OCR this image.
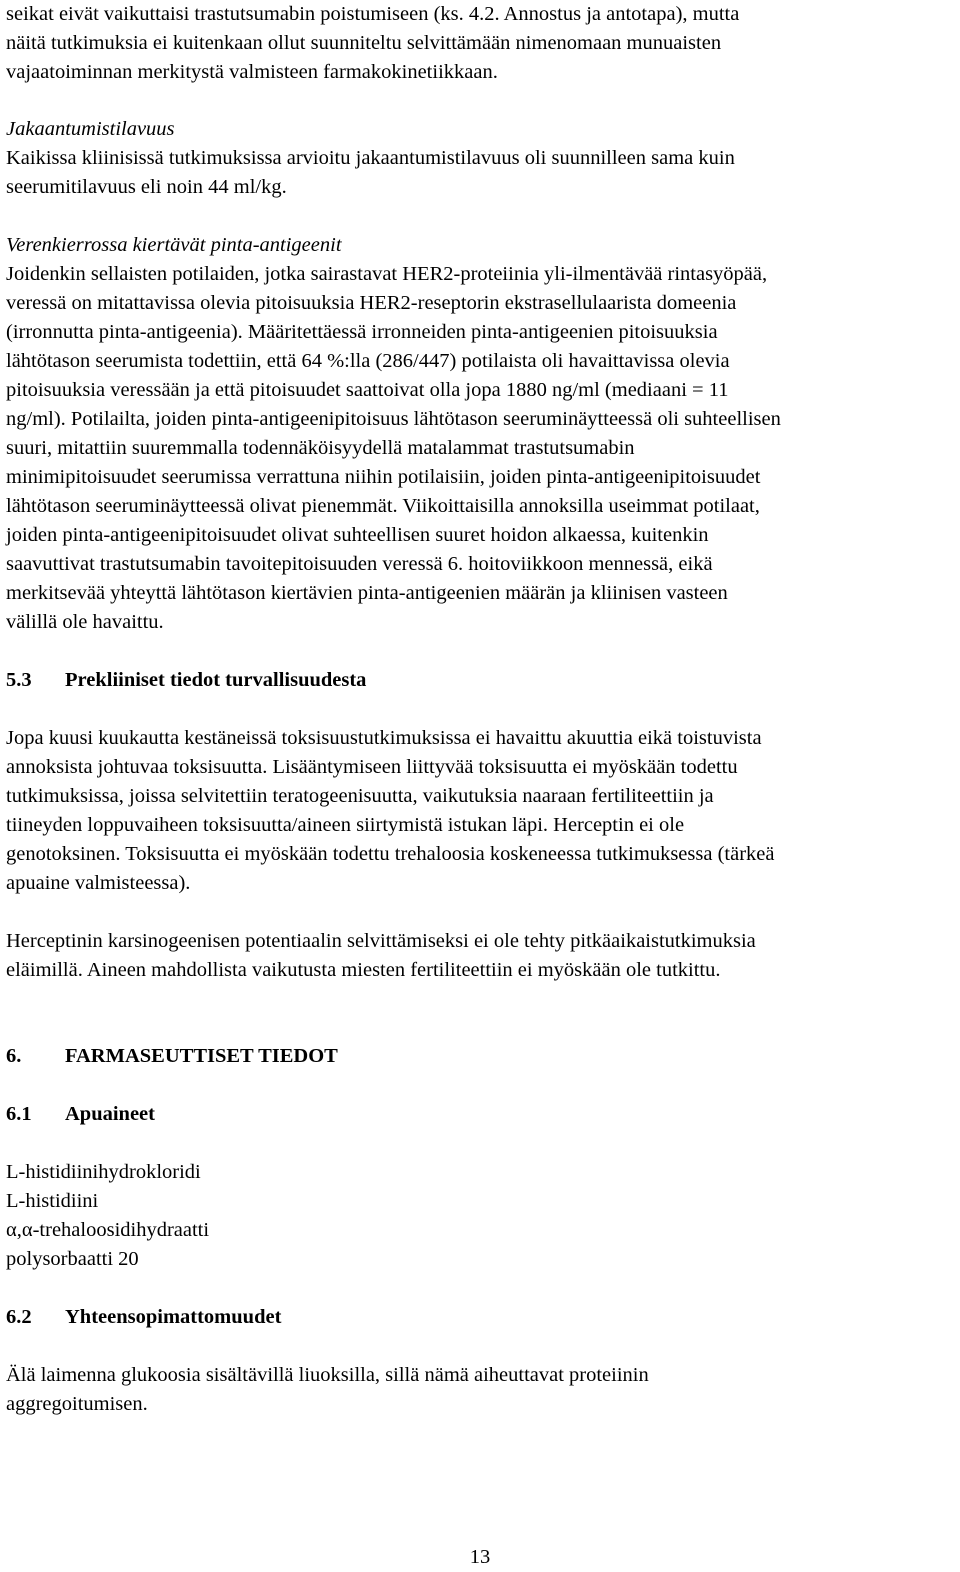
seikat eivät vaikuttaisi trastutsumabin poistumiseen (ks. 4.2. Annostus ja antotapa), mutta

näitä tutkimuksia ei kuitenkaan ollut suunniteltu selvittämään nimenomaan munuaisten

vajaatoiminnan merkitystä valmisteen farmakokinetiikkaan.

Jakaantumistilavuus

Kaikissa kliinisissä tutkimuksissa arvioitu jakaantumistilavuus oli suunnilleen sama kuin

seerumitilavuus eli noin 44 ml/kg.

Verenkierrossa kiertävät pinta-antigeenit

Joidenkin sellaisten potilaiden, jotka sairastavat HER2-proteiinia yli-ilmentävää rintasyöpää,

veressä on mitattavissa olevia pitoisuuksia HER2-reseptorin ekstrasellulaarista domeenia

(irronnutta pinta-antigeenia). Määritettäessä irronneiden pinta-antigeenien pitoisuuksia

lähtötason seerumista todettiin, että 64 %:lla (286/447) potilaista oli havaittavissa olevia

pitoisuuksia veressään ja että pitoisuudet saattoivat olla jopa 1880 ng/ml (mediaani = 11

ng/ml). Potilailta, joiden pinta-antigeenipitoisuus lähtötason seeruminäytteessä oli suhteellisen

suuri, mitattiin suuremmalla todennäköisyydellä matalammat trastutsumabin

minimipitoisuudet seerumissa verrattuna niihin potilaisiin, joiden pinta-antigeenipitoisuudet

lähtötason seeruminäytteessä olivat pienemmät. Viikoittaisilla annoksilla useimmat potilaat,

joiden pinta-antigeenipitoisuudet olivat suhteellisen suuret hoidon alkaessa, kuitenkin

saavuttivat trastutsumabin tavoitepitoisuuden veressä 6. hoitoviikkoon mennessä, eikä

merkitsevää yhteyttä lähtötason kiertävien pinta-antigeenien määrän ja kliinisen vasteen

välillä ole havaittu.

5.3 Prekliiniset tiedot turvallisuudesta

Jopa kuusi kuukautta kestäneissä toksisuustutkimuksissa ei havaittu akuuttia eikä toistuvista

annoksista johtuvaa toksisuutta. Lisääntymiseen liittyvää toksisuutta ei myöskään todettu

tutkimuksissa, joissa selvitettiin teratogeenisuutta, vaikutuksia naaraan fertiliteettiin ja

tiineyden loppuvaiheen toksisuutta/aineen siirtymistä istukan läpi. Herceptin ei ole

genotoksinen. Toksisuutta ei myöskään todettu trehaloosia koskeneessa tutkimuksessa (tärkeä

apuaine valmisteessa).

Herceptinin karsinogeenisen potentiaalin selvittämiseksi ei ole tehty pitkäaikaistutkimuksia

eläimillä. Aineen mahdollista vaikutusta miesten fertiliteettiin ei myöskään ole tutkittu.

6. FARMASEUTTISET TIEDOT
6.1 Apuaineet
L-histidiinihydrokloridi
L-histidiini
α,α-trehaloosidihydraatti
polysorbaatti 20
6.2 Yhteensopimattomuudet

Älä laimenna glukoosia sisältävillä liuoksilla, sillä nämä aiheuttavat proteiinin

aggregoitumisen.

13
